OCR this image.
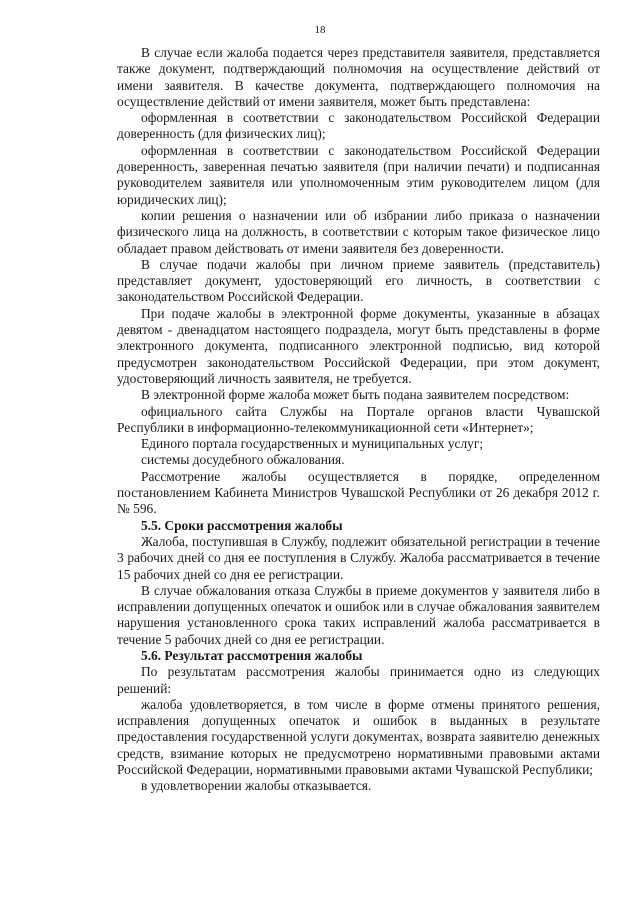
18

В случае если жалоба подается через представителя заявителя, представляется также документ, подтверждающий полномочия на осуществление действий от имени заявителя. В качестве документа, подтверждающего полномочия на осуществление действий от имени заявителя, может быть представлена:

оформленная в соответствии с законодательством Российской Федерации доверенность (для физических лиц);

оформленная в соответствии с законодательством Российской Федерации доверенность, заверенная печатью заявителя (при наличии печати) и подписанная руководителем заявителя или уполномоченным этим руководителем лицом (для юридических лиц);

копии решения о назначении или об избрании либо приказа о назначении физического лица на должность, в соответствии с которым такое физическое лицо обладает правом действовать от имени заявителя без доверенности.

В случае подачи жалобы при личном приеме заявитель (представитель) представляет документ, удостоверяющий его личность, в соответствии с законодательством Российской Федерации.

При подаче жалобы в электронной форме документы, указанные в абзацах девятом - двенадцатом настоящего подраздела, могут быть представлены в форме электронного документа, подписанного электронной подписью, вид которой предусмотрен законодательством Российской Федерации, при этом документ, удостоверяющий личность заявителя, не требуется.

В электронной форме жалоба может быть подана заявителем посредством:

официального сайта Службы на Портале органов власти Чувашской Республики в информационно-телекоммуникационной сети «Интернет»;

Единого портала государственных и муниципальных услуг;

системы досудебного обжалования.

Рассмотрение жалобы осуществляется в порядке, определенном постановлением Кабинета Министров Чувашской Республики от 26 декабря 2012 г. № 596.

5.5. Сроки рассмотрения жалобы

Жалоба, поступившая в Службу, подлежит обязательной регистрации в течение 3 рабочих дней со дня ее поступления в Службу. Жалоба рассматривается в течение 15 рабочих дней со дня ее регистрации.

В случае обжалования отказа Службы в приеме документов у заявителя либо в исправлении допущенных опечаток и ошибок или в случае обжалования заявителем нарушения установленного срока таких исправлений жалоба рассматривается в течение 5 рабочих дней со дня ее регистрации.

5.6. Результат рассмотрения жалобы

По результатам рассмотрения жалобы принимается одно из следующих решений:

жалоба удовлетворяется, в том числе в форме отмены принятого решения, исправления допущенных опечаток и ошибок в выданных в результате предоставления государственной услуги документах, возврата заявителю денежных средств, взимание которых не предусмотрено нормативными правовыми актами Российской Федерации, нормативными правовыми актами Чувашской Республики;

в удовлетворении жалобы отказывается.
